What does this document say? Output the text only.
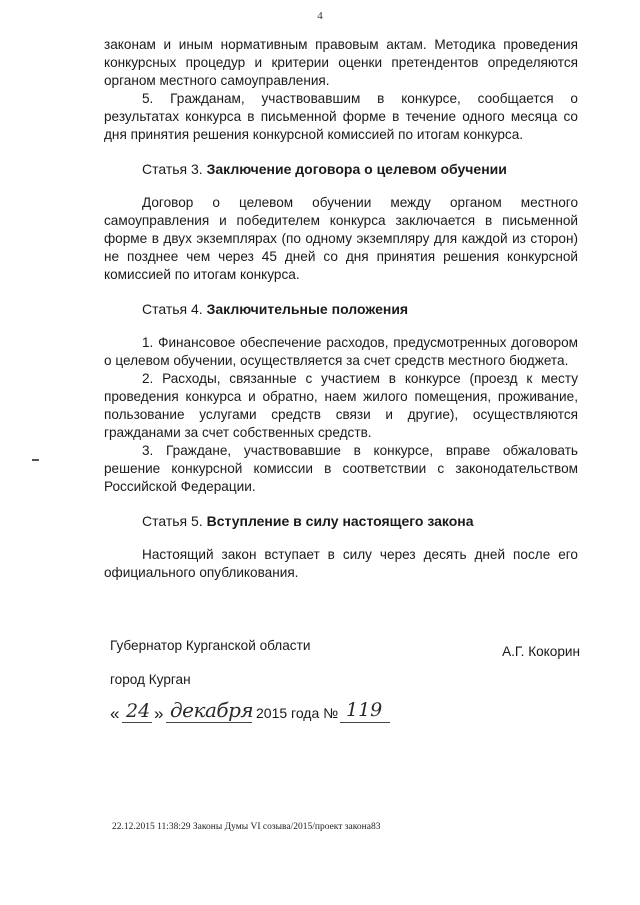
4

законам и иным нормативным правовым актам. Методика проведения конкурсных процедур и критерии оценки претендентов определяются органом местного самоуправления.

5. Гражданам, участвовавшим в конкурсе, сообщается о результатах конкурса в письменной форме в течение одного месяца со дня принятия решения конкурсной комиссией по итогам конкурса.

Статья 3. Заключение договора о целевом обучении

Договор о целевом обучении между органом местного самоуправления и победителем конкурса заключается в письменной форме в двух экземплярах (по одному экземпляру для каждой из сторон) не позднее чем через 45 дней со дня принятия решения конкурсной комиссией по итогам конкурса.

Статья 4. Заключительные положения

1. Финансовое обеспечение расходов, предусмотренных договором о целевом обучении, осуществляется за счет средств местного бюджета.

2. Расходы, связанные с участием в конкурсе (проезд к месту проведения конкурса и обратно, наем жилого помещения, проживание, пользование услугами средств связи и другие), осуществляются гражданами за счет собственных средств.

3. Граждане, участвовавшие в конкурсе, вправе обжаловать решение конкурсной комиссии в соответствии с законодательством Российской Федерации.

Статья 5. Вступление в силу настоящего закона

Настоящий закон вступает в силу через десять дней после его официального опубликования.

Губернатор Курганской области	А.Г. Кокорин
город Курган
« 24 » декабря 2015 года № 119
22.12.2015 11:38:29 Законы Думы VI созыва/2015/проект закона83
